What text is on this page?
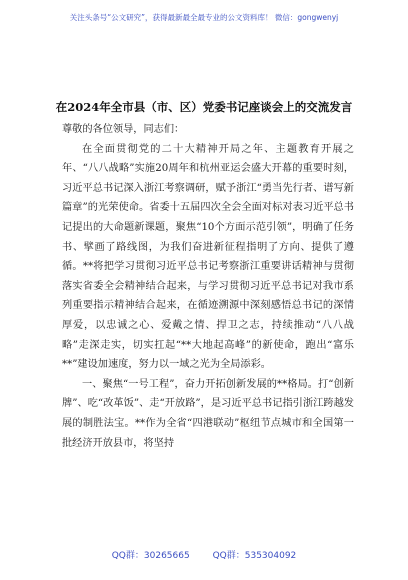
关注头条号“公文研究”，获得最新最全最专业的公文资料库！ 微信：gongwenyj
在2024年全市县（市、区）党委书记座谈会上的交流发言

尊敬的各位领导，同志们：

在全面贯彻党的二十大精神开局之年、主题教育开展之年、“八八战略”实施20周年和杭州亚运会盛大开幕的重要时刻，习近平总书记深入浙江考察调研，赋予浙江“勇当先行者、谱写新篇章”的光荣使命。省委十五届四次全会全面对标对表习近平总书记提出的大命题新课题，聚焦“10个方面示范引领”，明确了任务书、擘画了路线图，为我们奋进新征程指明了方向、提供了遵循。**将把学习贯彻习近平总书记考察浙江重要讲话精神与贯彻落实省委全会精神结合起来，与学习贯彻习近平总书记对我市系列重要指示精神结合起来，在循迹溯源中深刻感悟总书记的深情厚爱，以忠诚之心、爱戴之情、捍卫之志，持续推动“八八战略”走深走实，切实扛起“**大地起高峰”的新使命，跑出“富乐**”建设加速度，努力以一域之光为全局添彩。

一、聚焦“一号工程”，奋力开拓创新发展的**格局。打“创新牌”、吃“改革饭”、走“开放路”，是习近平总书记指引浙江跨越发展的制胜法宝。**作为全省“四港联动”枢纽节点城市和全国第一批经济开放县市，将坚持

QQ群：30265665	QQ群：535304092
